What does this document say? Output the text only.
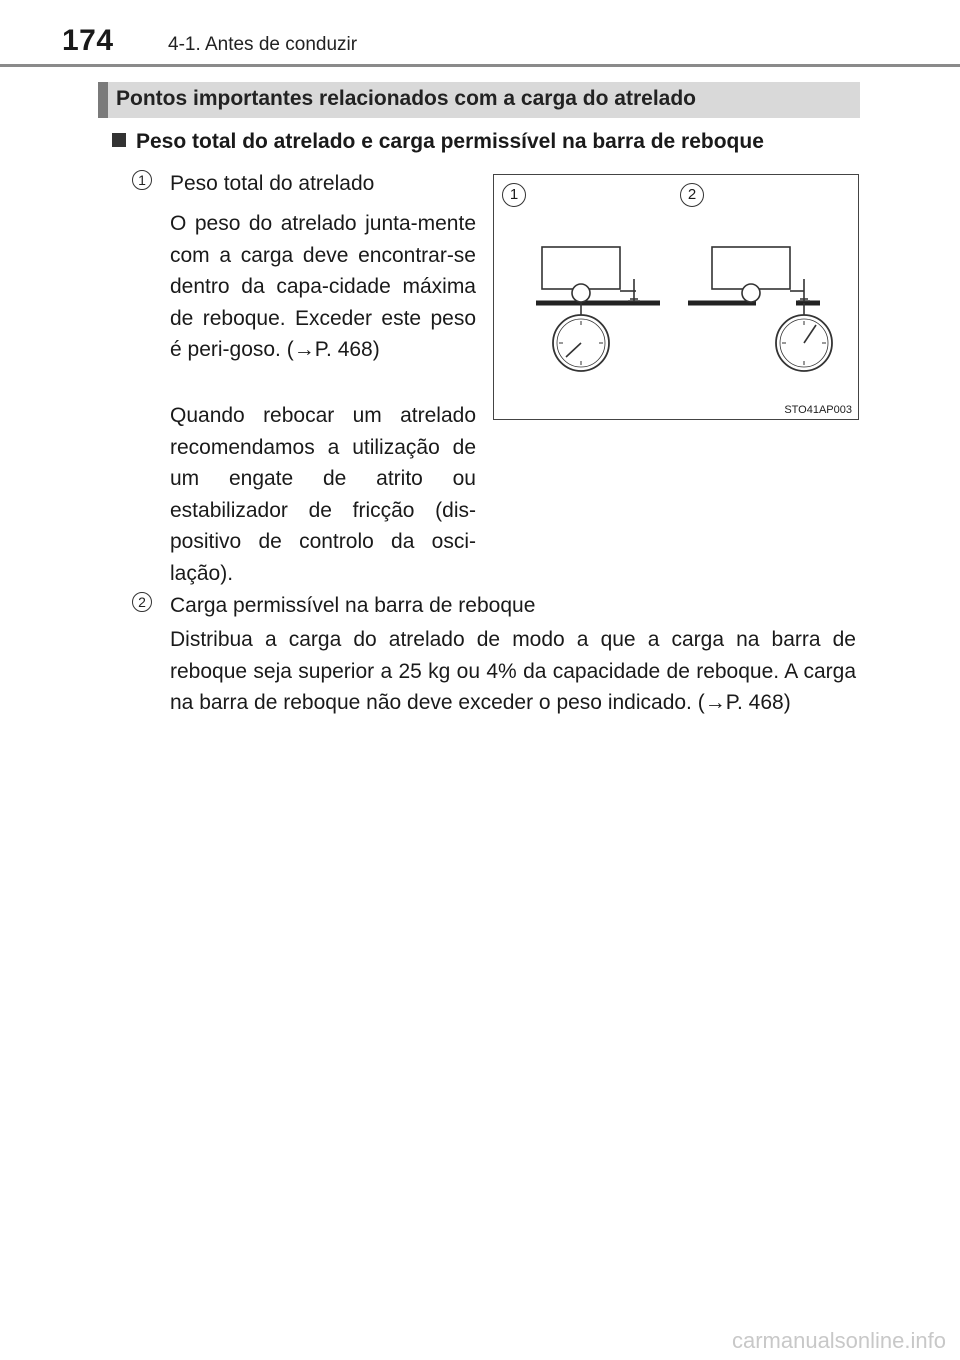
174	4-1. Antes de conduzir
Pontos importantes relacionados com a carga do atrelado
Peso total do atrelado e carga permissível na barra de reboque
1 Peso total do atrelado
O peso do atrelado junta-mente com a carga deve encontrar-se dentro da capa-cidade máxima de reboque. Exceder este peso é peri-goso. (→P. 468)
Quando rebocar um atrelado recomendamos a utilização de um engate de atrito ou estabilizador de fricção (dis-positivo de controlo da osci-lação).
1	2
STO41AP003
2 Carga permissível na barra de reboque
Distribua a carga do atrelado de modo a que a carga na barra de reboque seja superior a 25 kg ou 4% da capacidade de reboque. A carga na barra de reboque não deve exceder o peso indicado. (→P. 468)
carmanualsonline.info
